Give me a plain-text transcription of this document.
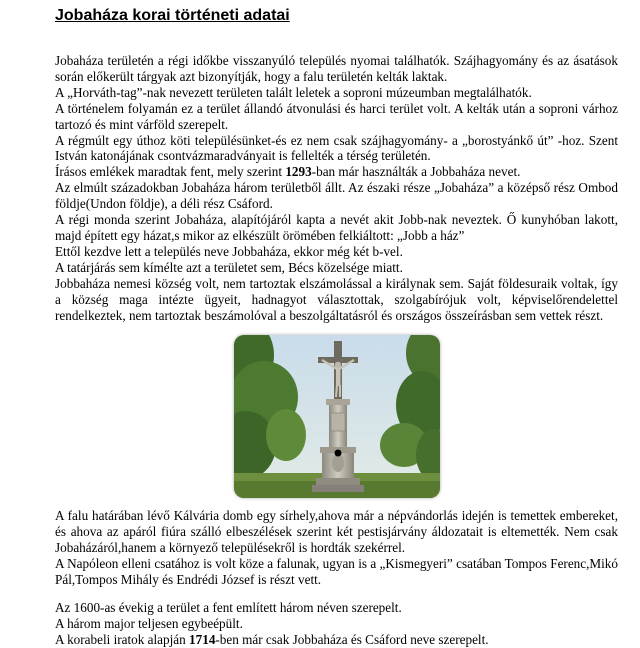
Jobaháza korai történeti adatai

Jobaháza területén a régi időkbe visszanyúló település nyomai találhatók. Szájhagyomány és az ásatások során előkerült tárgyak azt bizonyítják, hogy a falu területén kelták laktak.

A „Horváth-tag”-nak nevezett területen talált leletek a soproni múzeumban megtalálhatók.

A történelem folyamán ez a terület állandó átvonulási és harci terület volt. A kelták után a soproni várhoz tartozó és mint várföld szerepelt.

A régmúlt egy úthoz köti településünket-és ez nem csak szájhagyomány- a „borostyánkő út” -hoz. Szent István katonájának csontvázmaradványait is fellelték a térség területén.

Írásos emlékek maradtak fent, mely szerint 1293-ban már használták a Jobbaháza nevet.

Az elmúlt századokban Jobaháza három területből állt. Az északi része „Jobaháza” a középső rész Ombod földje(Undon földje), a déli rész Csáford.

A régi monda szerint Jobaháza, alapítójáról kapta a nevét akit Jobb-nak neveztek. Ő kunyhóban lakott, majd épített egy házat,s mikor az elkészült örömében felkiáltott: „Jobb a ház”

Ettől kezdve lett a település neve Jobbaháza, ekkor még két b-vel.

A tatárjárás sem kímélte azt a területet sem, Bécs közelsége miatt.

Jobbaháza nemesi község volt, nem tartoztak elszámolással a királynak sem. Saját földesuraik voltak, így a község maga intézte ügyeit, hadnagyot választottak, szolgabírójuk volt, képviselőrendelettel rendelkeztek, nem tartoztak beszámolóval a beszolgáltatásról és országos összeírásban sem vettek részt.

A falu határában lévő Kálvária domb egy sírhely,ahova már a népvándorlás idején is temettek embereket, és ahova az apáról fiúra szálló elbeszélések szerint két pestisjárvány áldozatait is eltemették. Nem csak Jobaházáról,hanem a környező településekről is hordták szekérrel.

A Napóleon elleni csatához is volt köze a falunak, ugyan is a „Kismegyeri” csatában Tompos Ferenc,Mikó Pál,Tompos Mihály és Endrédi József is részt vett.

Az 1600-as évekig a terület a fent említett három néven szerepelt.

A három major teljesen egybeépült.

A korabeli iratok alapján 1714-ben már csak Jobbaháza és Csáford neve szerepelt.
